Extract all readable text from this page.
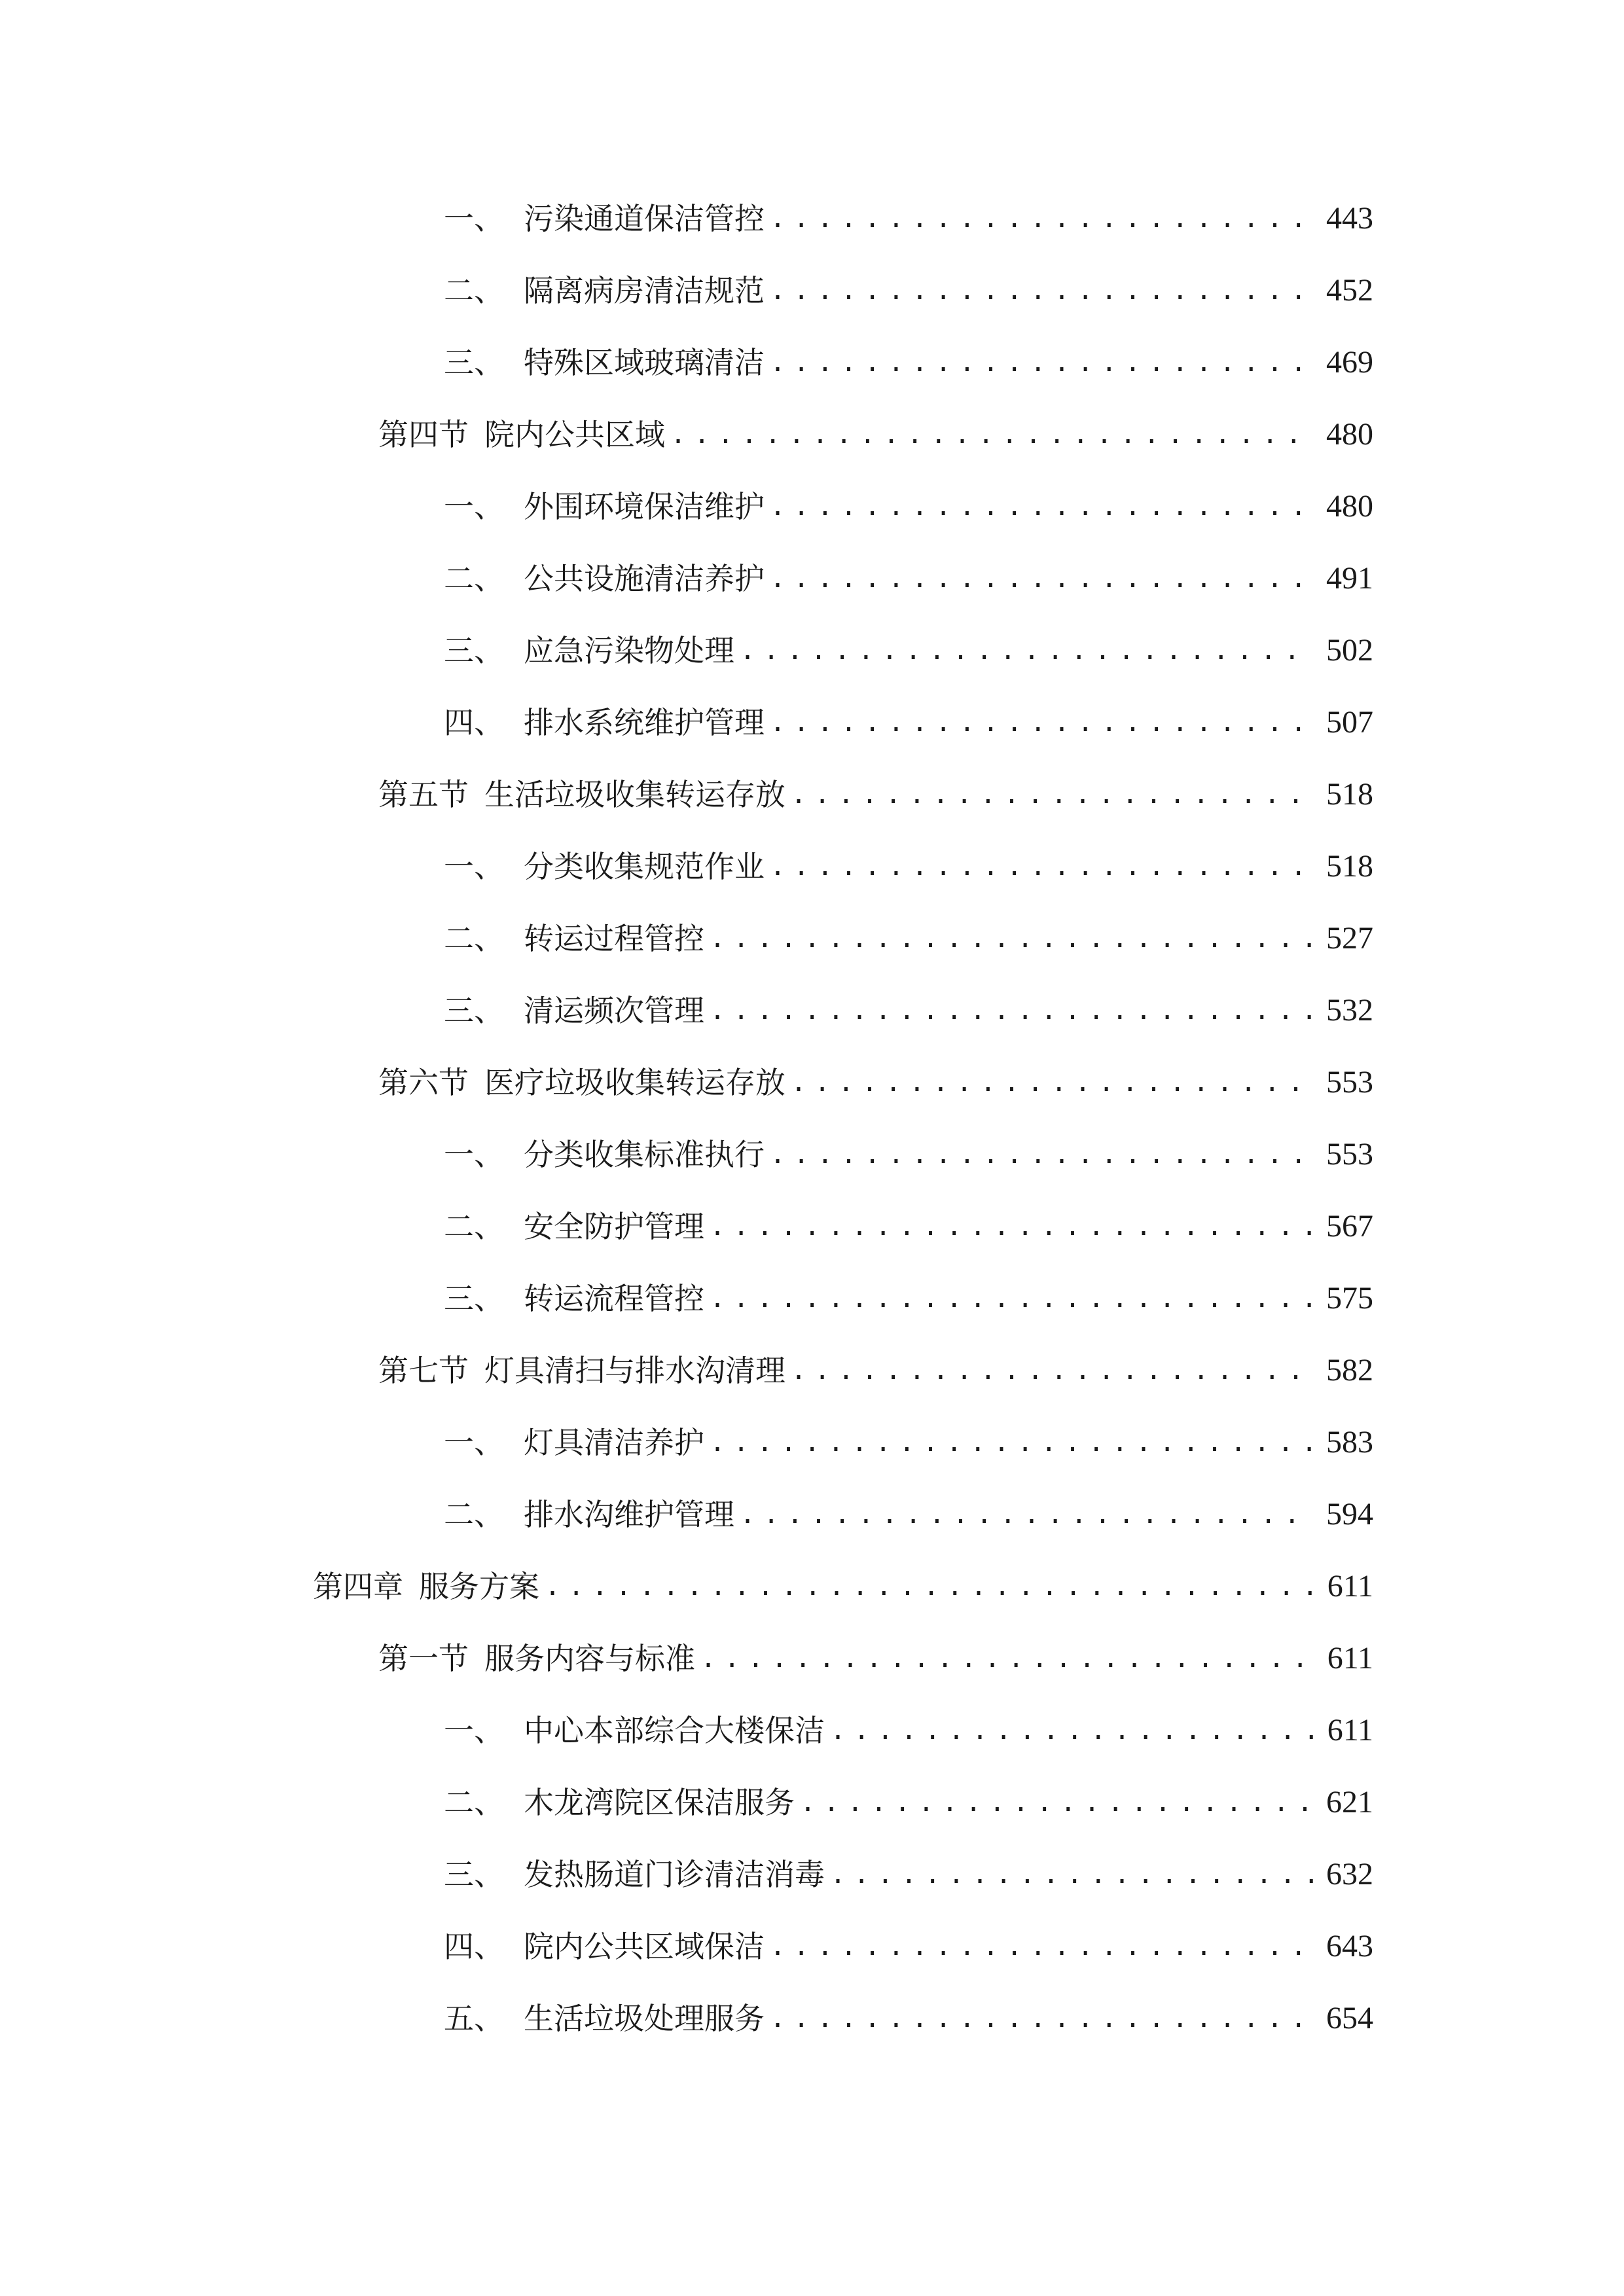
一、 污染通道保洁管控 . . .	443
二、 隔离病房清洁规范 . . .	452
三、 特殊区域玻璃清洁 . . .	469
第四节 院内公共区域 . . .	480
一、 外围环境保洁维护 . . .	480
二、 公共设施清洁养护 . . .	491
三、 应急污染物处理 . . .	502
四、 排水系统维护管理 . . .	507
第五节 生活垃圾收集转运存放 . . .	518
一、 分类收集规范作业 . . .	518
二、 转运过程管控 . . .	527
三、 清运频次管理 . . .	532
第六节 医疗垃圾收集转运存放 . . .	553
一、 分类收集标准执行 . . .	553
二、 安全防护管理 . . .	567
三、 转运流程管控 . . .	575
第七节 灯具清扫与排水沟清理 . . .	582
一、 灯具清洁养护 . . .	583
二、 排水沟维护管理 . . .	594
第四章 服务方案 . . .	611
第一节 服务内容与标准 . . .	611
一、 中心本部综合大楼保洁 . . .	611
二、 木龙湾院区保洁服务 . . .	621
三、 发热肠道门诊清洁消毒 . . .	632
四、 院内公共区域保洁 . . .	643
五、 生活垃圾处理服务 . . .	654
